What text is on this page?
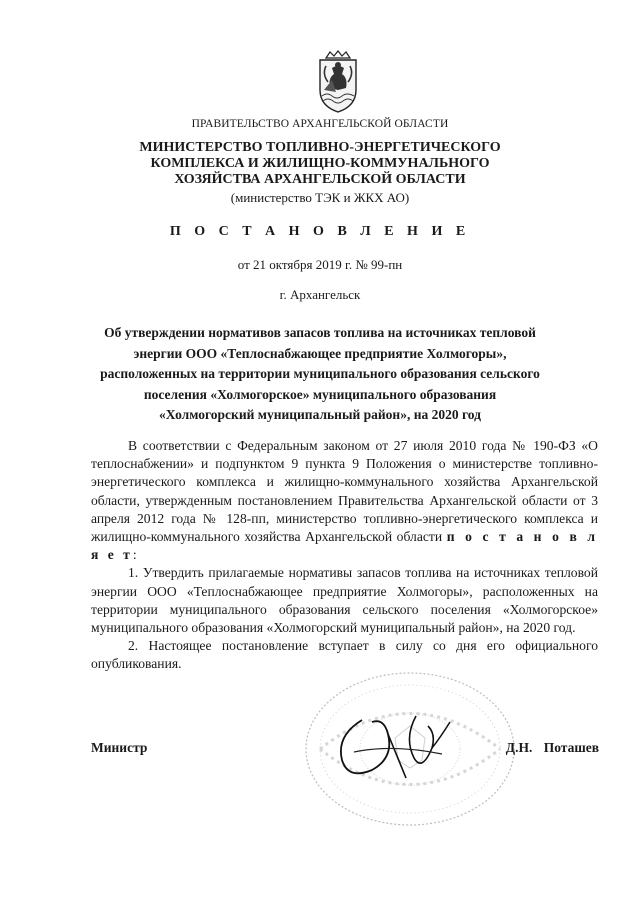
ПРАВИТЕЛЬСТВО АРХАНГЕЛЬСКОЙ ОБЛАСТИ
МИНИСТЕРСТВО ТОПЛИВНО-ЭНЕРГЕТИЧЕСКОГО
КОМПЛЕКСА И ЖИЛИЩНО-КОММУНАЛЬНОГО
ХОЗЯЙСТВА АРХАНГЕЛЬСКОЙ ОБЛАСТИ
(министерство ТЭК и ЖКХ АО)
П О С Т А Н О В Л Е Н И Е
от 21 октября 2019 г. № 99-пн
г. Архангельск
Об утверждении нормативов запасов топлива на источниках тепловой
энергии ООО «Теплоснабжающее предприятие Холмогоры»,
расположенных на территории муниципального образования сельского
поселения «Холмогорское» муниципального образования
«Холмогорский муниципальный район», на 2020 год

В соответствии с Федеральным законом от 27 июля 2010 года № 190-ФЗ «О теплоснабжении» и подпунктом 9 пункта 9 Положения о министерстве топливно-энергетического комплекса и жилищно-коммунального хозяйства Архангельской области, утвержденным постановлением Правительства Архангельской области от 3 апреля 2012 года № 128-пп, министерство топливно-энергетического комплекса и жилищно-коммунального хозяйства Архангельской области п о с т а н о в л я е т:

1. Утвердить прилагаемые нормативы запасов топлива на источниках тепловой энергии ООО «Теплоснабжающее предприятие Холмогоры», расположенных на территории муниципального образования сельского поселения «Холмогорское» муниципального образования «Холмогорский муниципальный район», на 2020 год.

2. Настоящее постановление вступает в силу со дня его официального опубликования.

Министр	Д.Н. Поташев
